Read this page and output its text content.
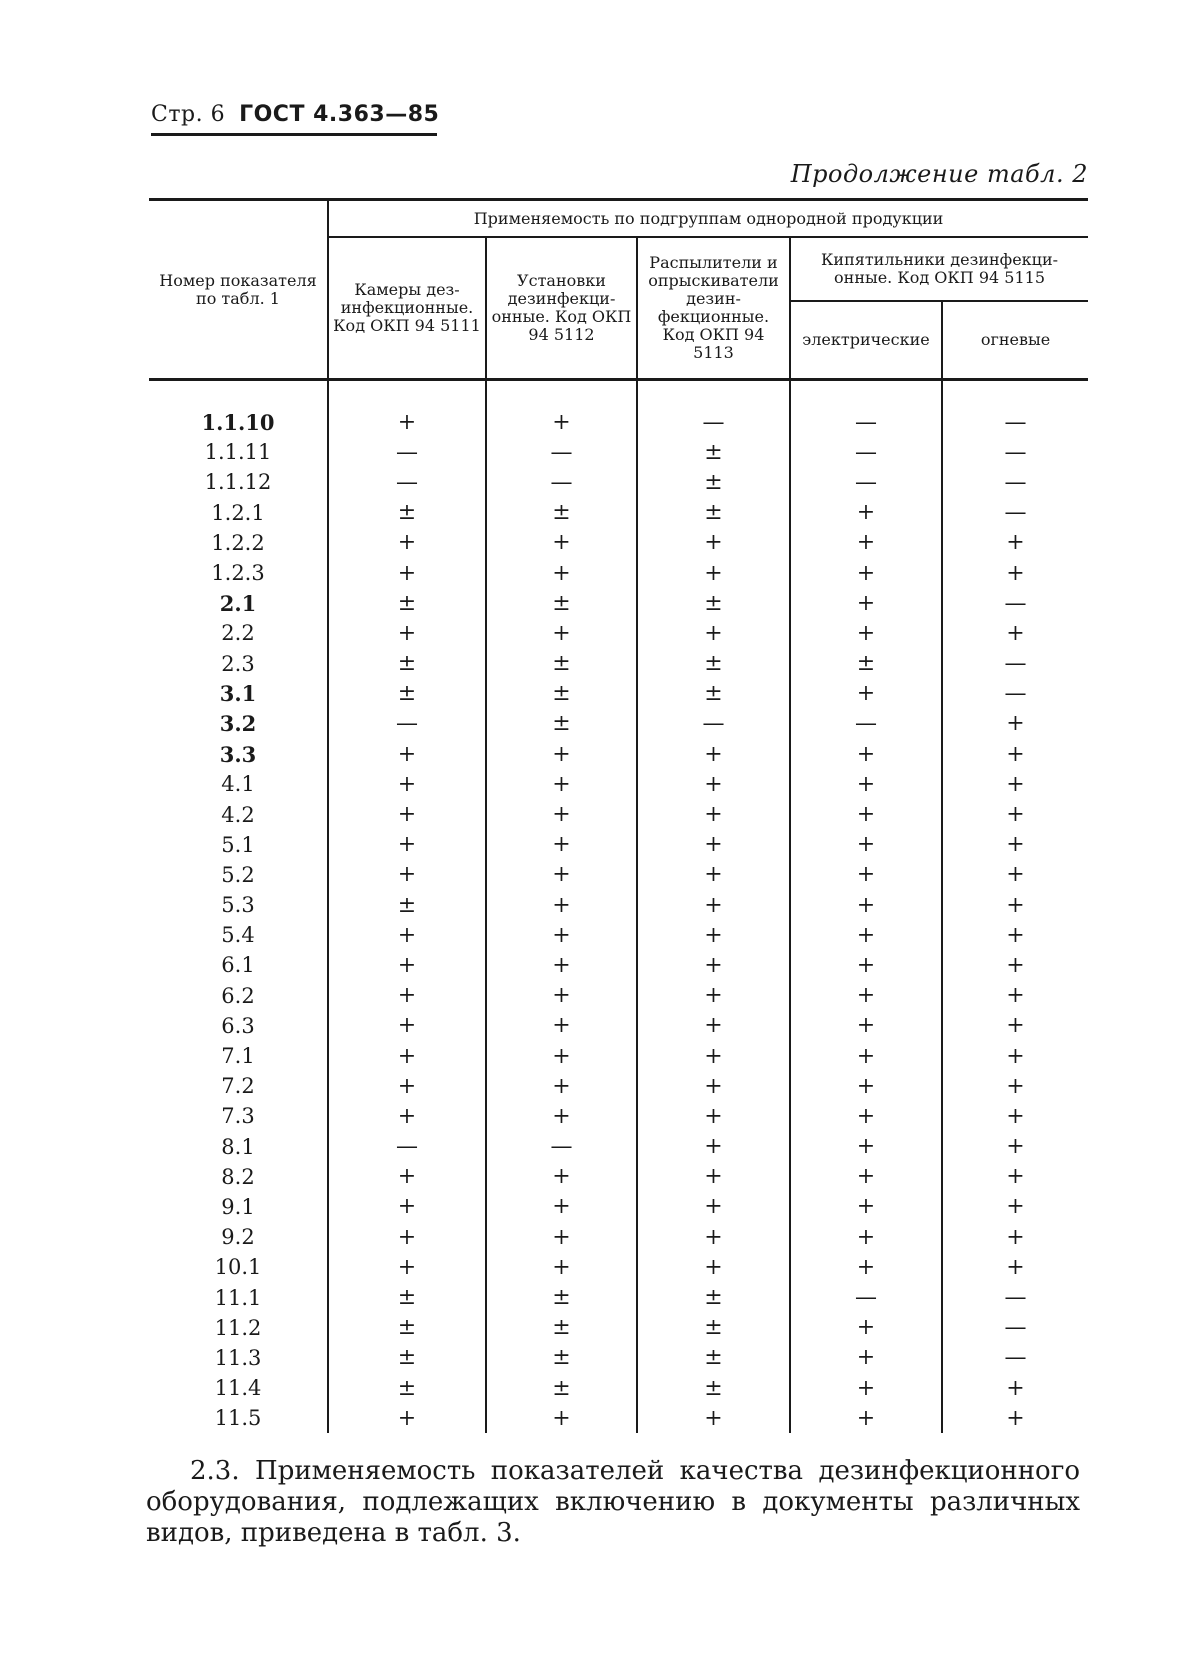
Стр. 6 ГОСТ 4.363—85
Продолжение табл. 2
Номер показателя по табл. 1	Применяемость по подгруппам однородной продукции				
	Камеры дезинфекционные. Код ОКП 94 5111	Установки дезинфекционные. Код ОКП 94 5112	Распылители и опрыскиватели дезинфекционные. Код ОКП 94 5113	Кипятильники дезинфекционные. Код ОКП 94 5115	
				электрические	огневые

1.1.10	+	+	—	—	—
1.1.11	—	—	±	—	—
1.1.12	—	—	±	—	—
1.2.1	±	±	±	+	—
1.2.2	+	+	+	+	+
1.2.3	+	+	+	+	+
2.1	±	±	±	+	—
2.2	+	+	+	+	+
2.3	±	±	±	±	—
3.1	±	±	±	+	—
3.2	—	±	—	—	+
3.3	+	+	+	+	+
4.1	+	+	+	+	+
4.2	+	+	+	+	+
5.1	+	+	+	+	+
5.2	+	+	+	+	+
5.3	±	+	+	+	+
5.4	+	+	+	+	+
6.1	+	+	+	+	+
6.2	+	+	+	+	+
6.3	+	+	+	+	+
7.1	+	+	+	+	+
7.2	+	+	+	+	+
7.3	+	+	+	+	+
8.1	—	—	+	+	+
8.2	+	+	+	+	+
9.1	+	+	+	+	+
9.2	+	+	+	+	+
10.1	+	+	+	+	+
11.1	±	±	±	—	—
11.2	±	±	±	+	—
11.3	±	±	±	+	—
11.4	±	±	±	+	+
11.5	+	+	+	+	+
2.3. Применяемость показателей качества дезинфекционного оборудования, подлежащих включению в документы различных видов, приведена в табл. 3.
